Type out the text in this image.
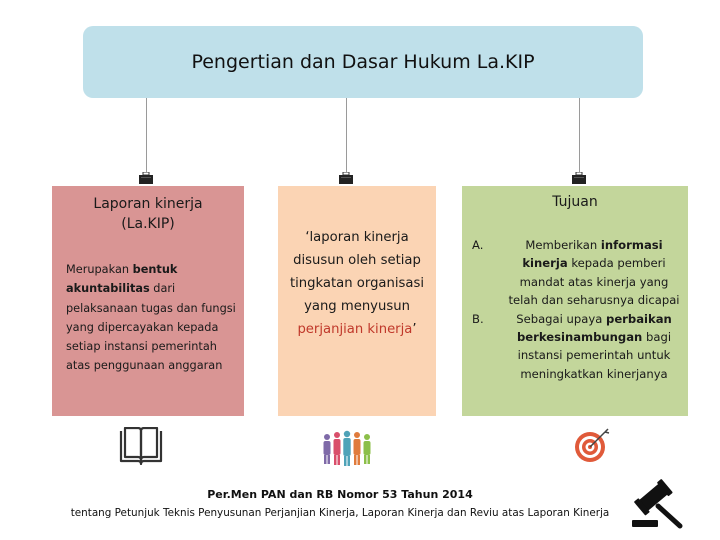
Pengertian dan Dasar Hukum La.KIP
Laporan kinerja
(La.KIP)
Merupakan bentuk akuntabilitas dari pelaksanaan tugas dan fungsi yang dipercayakan kepada setiap instansi pemerintah atas penggunaan anggaran
‘laporan kinerja disusun oleh setiap tingkatan organisasi yang menyusun perjanjian kinerja’
Tujuan
A.	Memberikan informasi kinerja kepada pemberi mandat atas kinerja yang telah dan seharusnya dicapai
B.	Sebagai upaya perbaikan berkesinambungan bagi instansi pemerintah untuk meningkatkan kinerjanya
Per.Men PAN dan RB Nomor 53 Tahun 2014
tentang Petunjuk Teknis Penyusunan Perjanjian Kinerja, Laporan Kinerja dan Reviu atas Laporan Kinerja
